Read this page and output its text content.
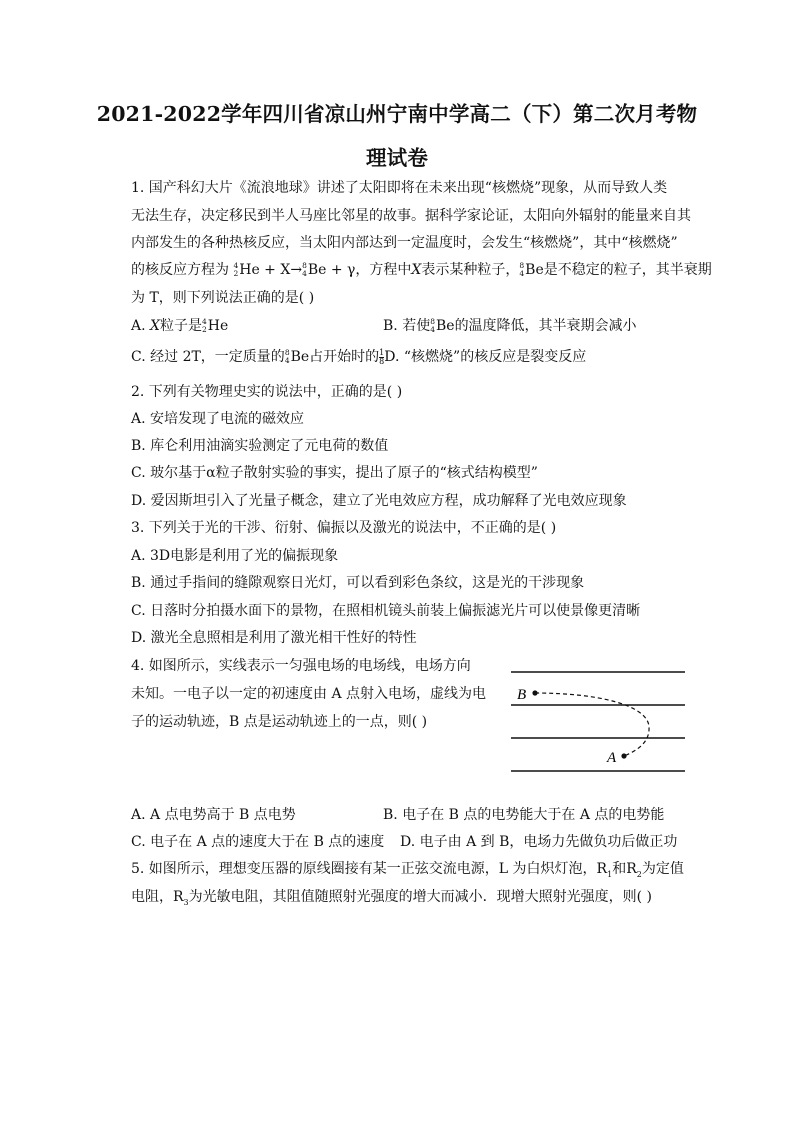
2021-2022学年四川省凉山州宁南中学高二（下）第二次月考物
理试卷
1. 国产科幻大片《流浪地球》讲述了太阳即将在未来出现“核燃烧”现象，从而导致人类
无法生存，决定移民到半人马座比邻星的故事。据科学家论证，太阳向外辐射的能量来自其
内部发生的各种热核反应，当太阳内部达到一定温度时，会发生“核燃烧”，其中“核燃烧”
的核反应方程为 4
2 He + X→ 8
4 Be + γ，方程中X表示某种粒子， 8
4 Be是不稳定的粒子，其半衰期
为 T，则下列说法正确的是( )
A. X粒子是 4
2 He	B. 若使 8
4 Be的温度降低，其半衰期会减小
C. 经过 2T，一定质量的 8
4 Be占开始时的 $\frac{1}{8} D$. “核燃烧”的核反应是裂变反应
2. 下列有关物理史实的说法中，正确的是( )
A. 安培发现了电流的磁效应
B. 库仑利用油滴实验测定了元电荷的数值
C. 玻尔基于α粒子散射实验的事实，提出了原子的“核式结构模型”
D. 爱因斯坦引入了光量子概念，建立了光电效应方程，成功解释了光电效应现象
3. 下列关于光的干涉、衍射、偏振以及激光的说法中，不正确的是( )
A. 3D电影是利用了光的偏振现象
B. 通过手指间的缝隙观察日光灯，可以看到彩色条纹，这是光的干涉现象
C. 日落时分拍摄水面下的景物，在照相机镜头前装上偏振滤光片可以使景像更清晰
D. 激光全息照相是利用了激光相干性好的特性
4. 如图所示，实线表示一匀强电场的电场线，电场方向
未知。一电子以一定的初速度由 A 点射入电场，虚线为电
子的运动轨迹，B 点是运动轨迹上的一点，则( )
B
A
A. A 点电势高于 B 点电势	B. 电子在 B 点的电势能大于在 A 点的电势能
C. 电子在 A 点的速度大于在 B 点的速度 D. 电子由 A 到 B，电场力先做负功后做正功
5. 如图所示，理想变压器的原线圈接有某一正弦交流电源，L 为白炽灯泡，$R_1$和$R_2$为定值
电阻，$R_3$为光敏电阻，其阻值随照射光强度的增大而减小．现增大照射光强度，则( )
